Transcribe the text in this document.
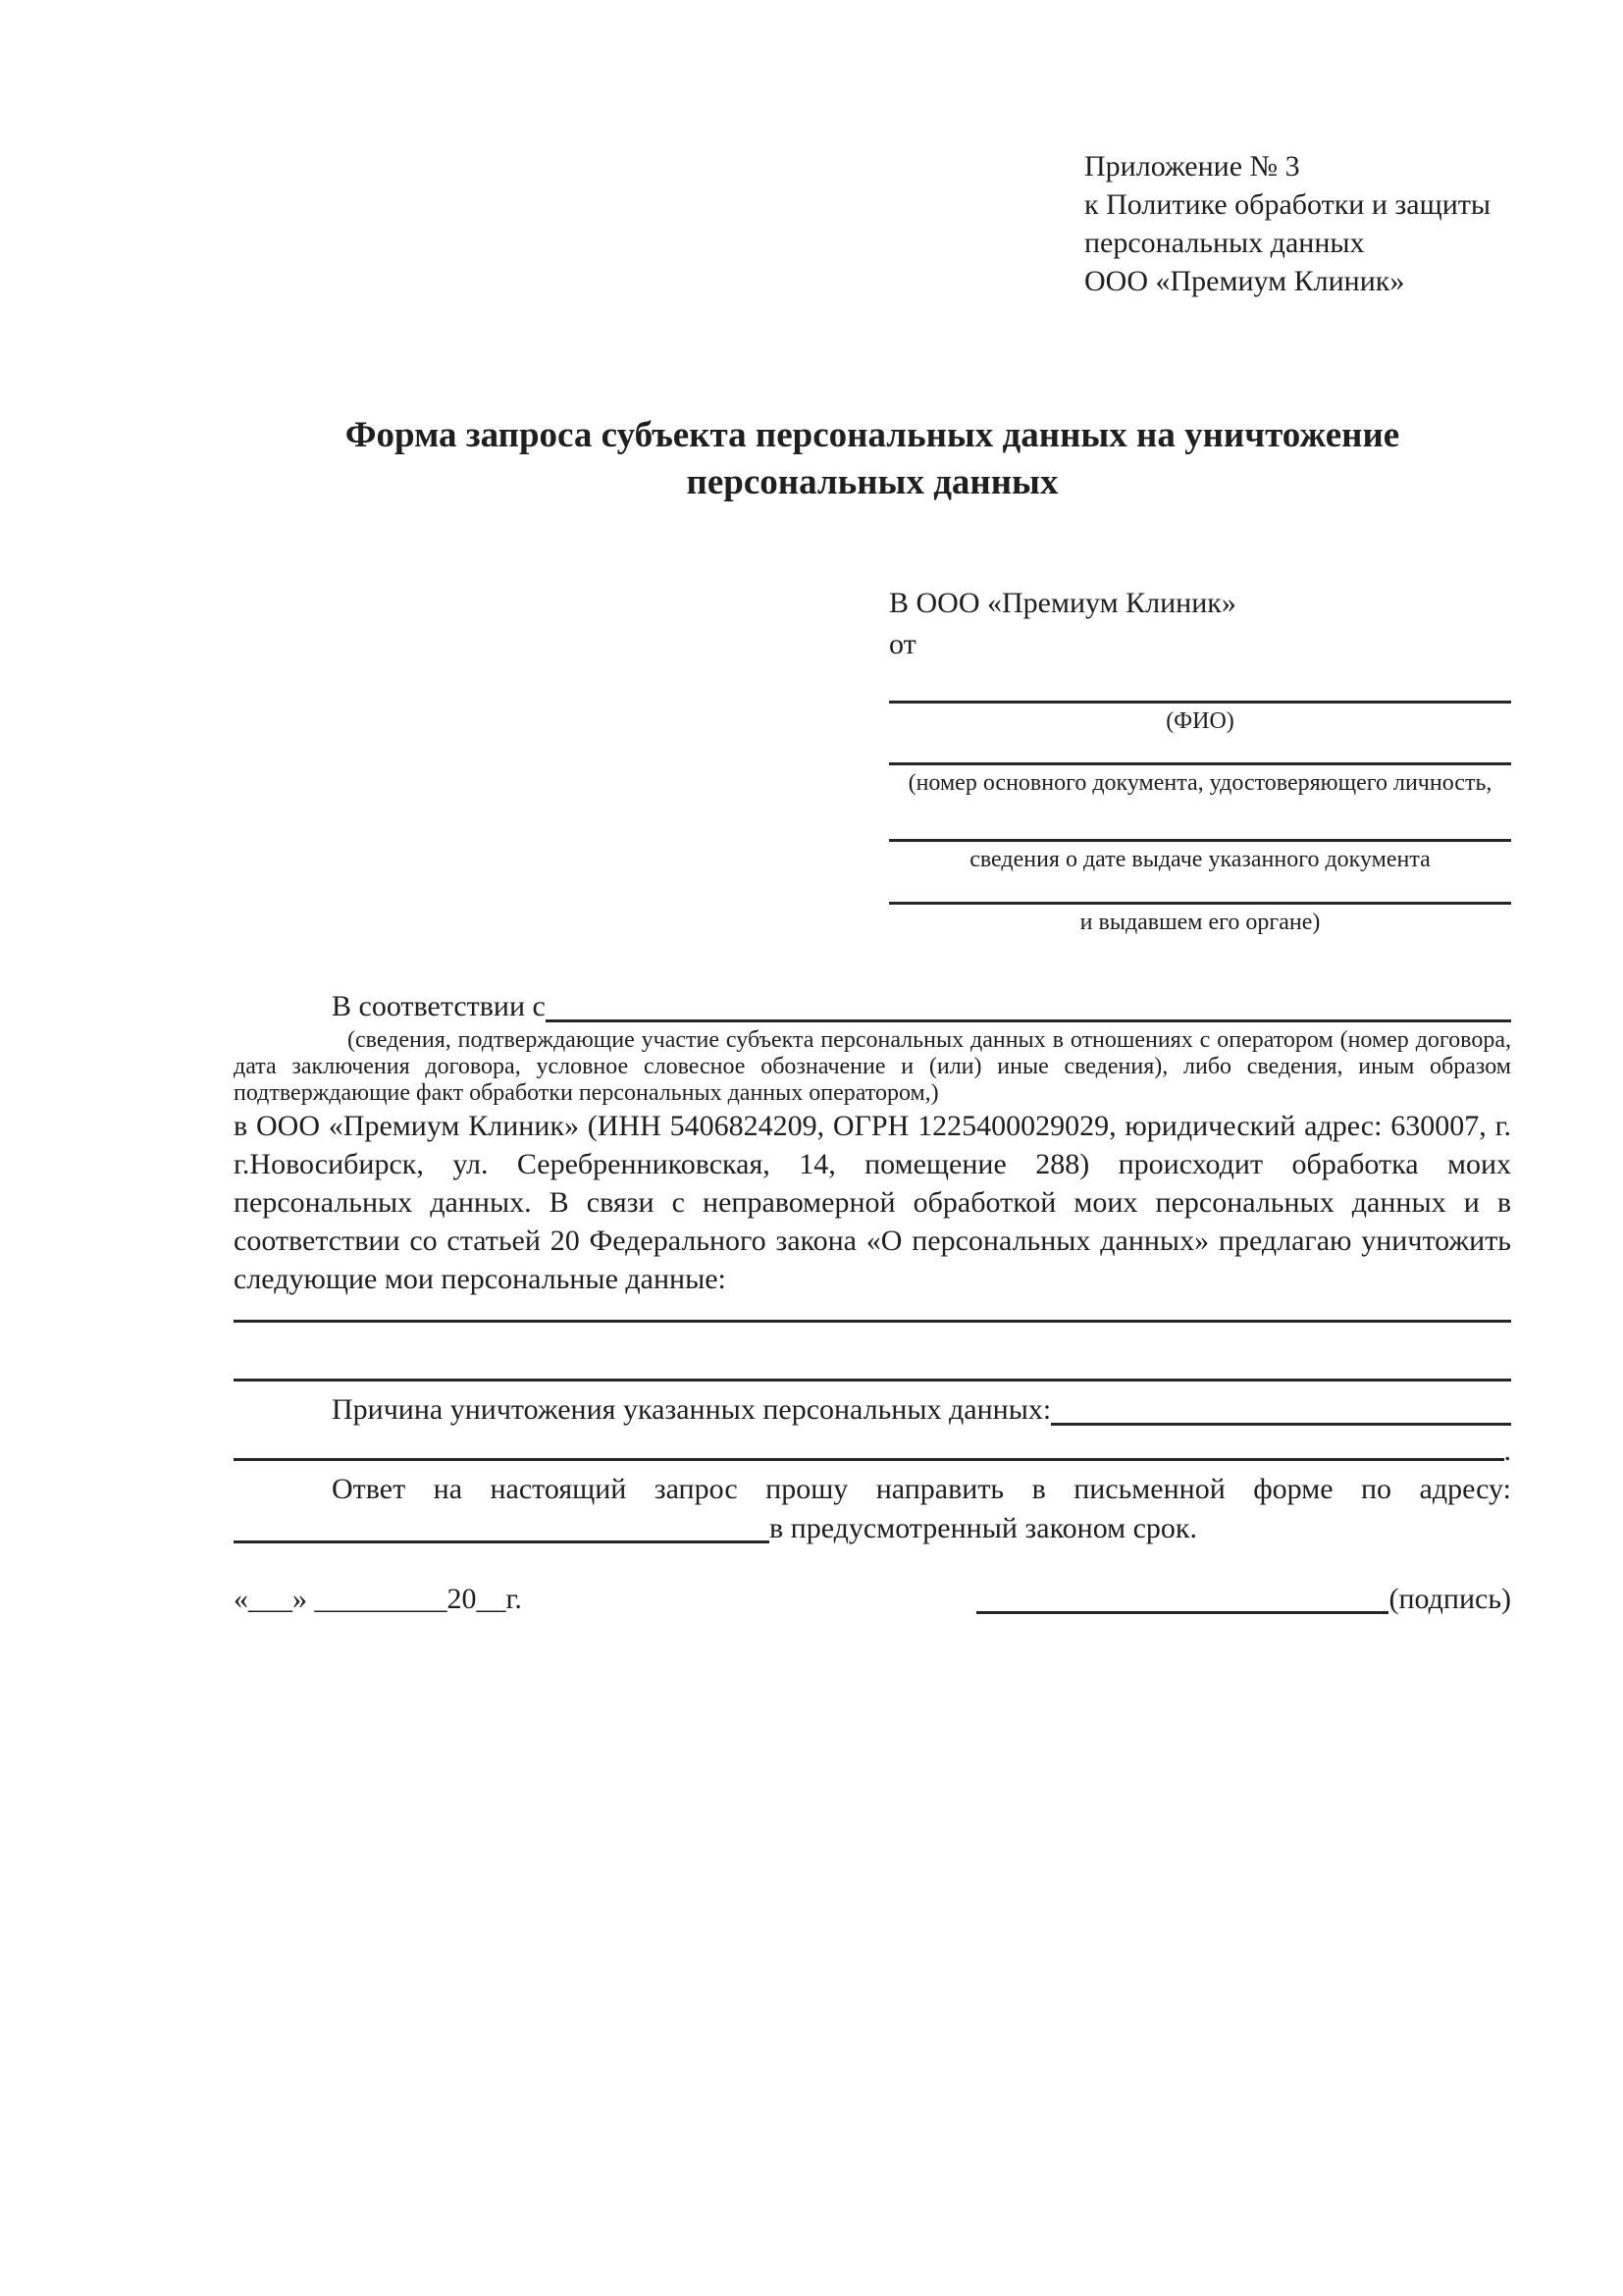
Приложение № 3
к Политике обработки и защиты
персональных данных
ООО «Премиум Клиник»
Форма запроса субъекта персональных данных на уничтожение персональных данных
В ООО «Премиум Клиник»
от
(ФИО)
(номер основного документа, удостоверяющего личность,
сведения о дате выдаче указанного документа
и выдавшем его органе)
В соответствии с
(сведения, подтверждающие участие субъекта персональных данных в отношениях с оператором (номер договора, дата заключения договора, условное словесное обозначение и (или) иные сведения), либо сведения, иным образом подтверждающие факт обработки персональных данных оператором,)

в ООО «Премиум Клиник» (ИНН 5406824209, ОГРН 1225400029029, юридический адрес: 630007, г. г.Новосибирск, ул. Серебренниковская, 14, помещение 288) происходит обработка моих персональных данных. В связи с неправомерной обработкой моих персональных данных и в соответствии со статьей 20 Федерального закона «О персональных данных» предлагаю уничтожить следующие мои персональные данные:

Причина уничтожения указанных персональных данных:
.
Ответ на настоящий запрос прошу направить в письменной форме по адресу:
в предусмотренный законом срок.
«___» _________20__г.	(подпись)
